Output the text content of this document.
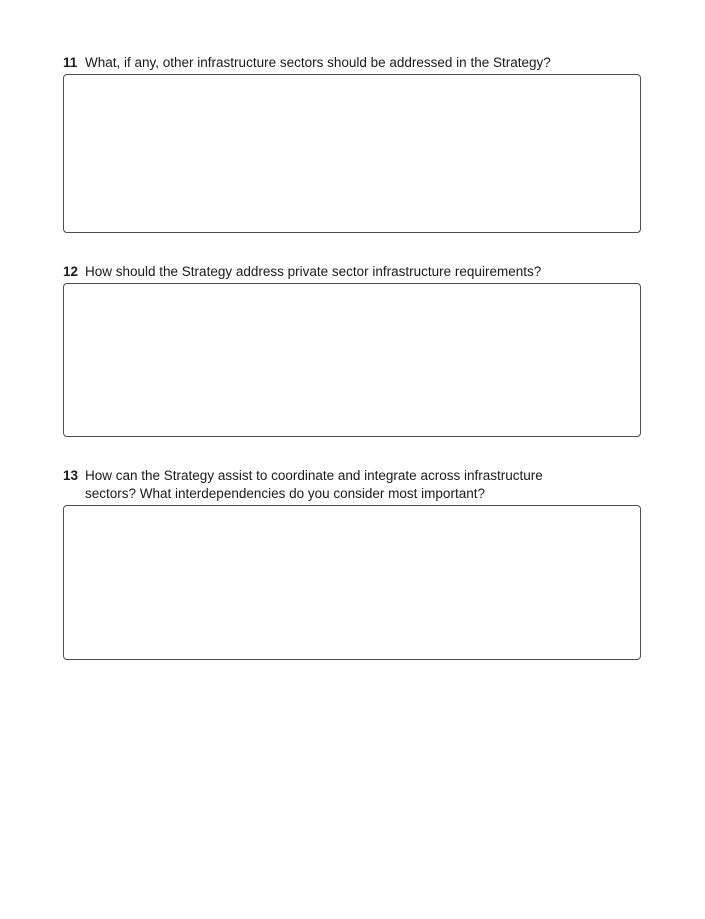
11 What, if any, other infrastructure sectors should be addressed in the Strategy?
12 How should the Strategy address private sector infrastructure requirements?
13 How can the Strategy assist to coordinate and integrate across infrastructure sectors? What interdependencies do you consider most important?
